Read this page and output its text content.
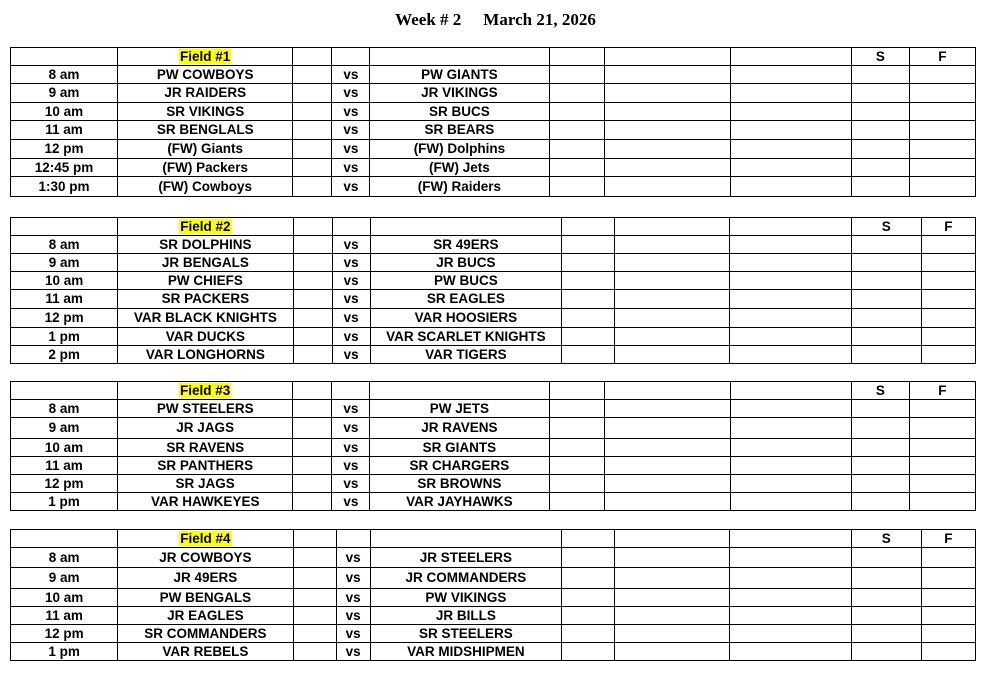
Week # 2 March 21, 2026
	Field #1							S	F
8 am	PW COWBOYS		vs	PW GIANTS					
9 am	JR RAIDERS		vs	JR VIKINGS					
10 am	SR VIKINGS		vs	SR BUCS					
11 am	SR BENGLALS		vs	SR BEARS					
12 pm	(FW) Giants		vs	(FW) Dolphins					
12:45 pm	(FW) Packers		vs	(FW) Jets					
1:30 pm	(FW) Cowboys		vs	(FW) Raiders					
	Field #2							S	F
8 am	SR DOLPHINS		vs	SR 49ERS					
9 am	JR BENGALS		vs	JR BUCS					
10 am	PW CHIEFS		vs	PW BUCS					
11 am	SR PACKERS		vs	SR EAGLES					
12 pm	VAR BLACK KNIGHTS		vs	VAR HOOSIERS					
1 pm	VAR DUCKS		vs	VAR SCARLET KNIGHTS					
2 pm	VAR LONGHORNS		vs	VAR TIGERS					
	Field #3							S	F
8 am	PW STEELERS		vs	PW JETS					
9 am	JR JAGS		vs	JR RAVENS					
10 am	SR RAVENS		vs	SR GIANTS					
11 am	SR PANTHERS		vs	SR CHARGERS					
12 pm	SR JAGS		vs	SR BROWNS					
1 pm	VAR HAWKEYES		vs	VAR JAYHAWKS					
	Field #4							S	F
8 am	JR COWBOYS		vs	JR STEELERS					
9 am	JR 49ERS		vs	JR COMMANDERS					
10 am	PW BENGALS		vs	PW VIKINGS					
11 am	JR EAGLES		vs	JR BILLS					
12 pm	SR COMMANDERS		vs	SR STEELERS					
1 pm	VAR REBELS		vs	VAR MIDSHIPMEN					
